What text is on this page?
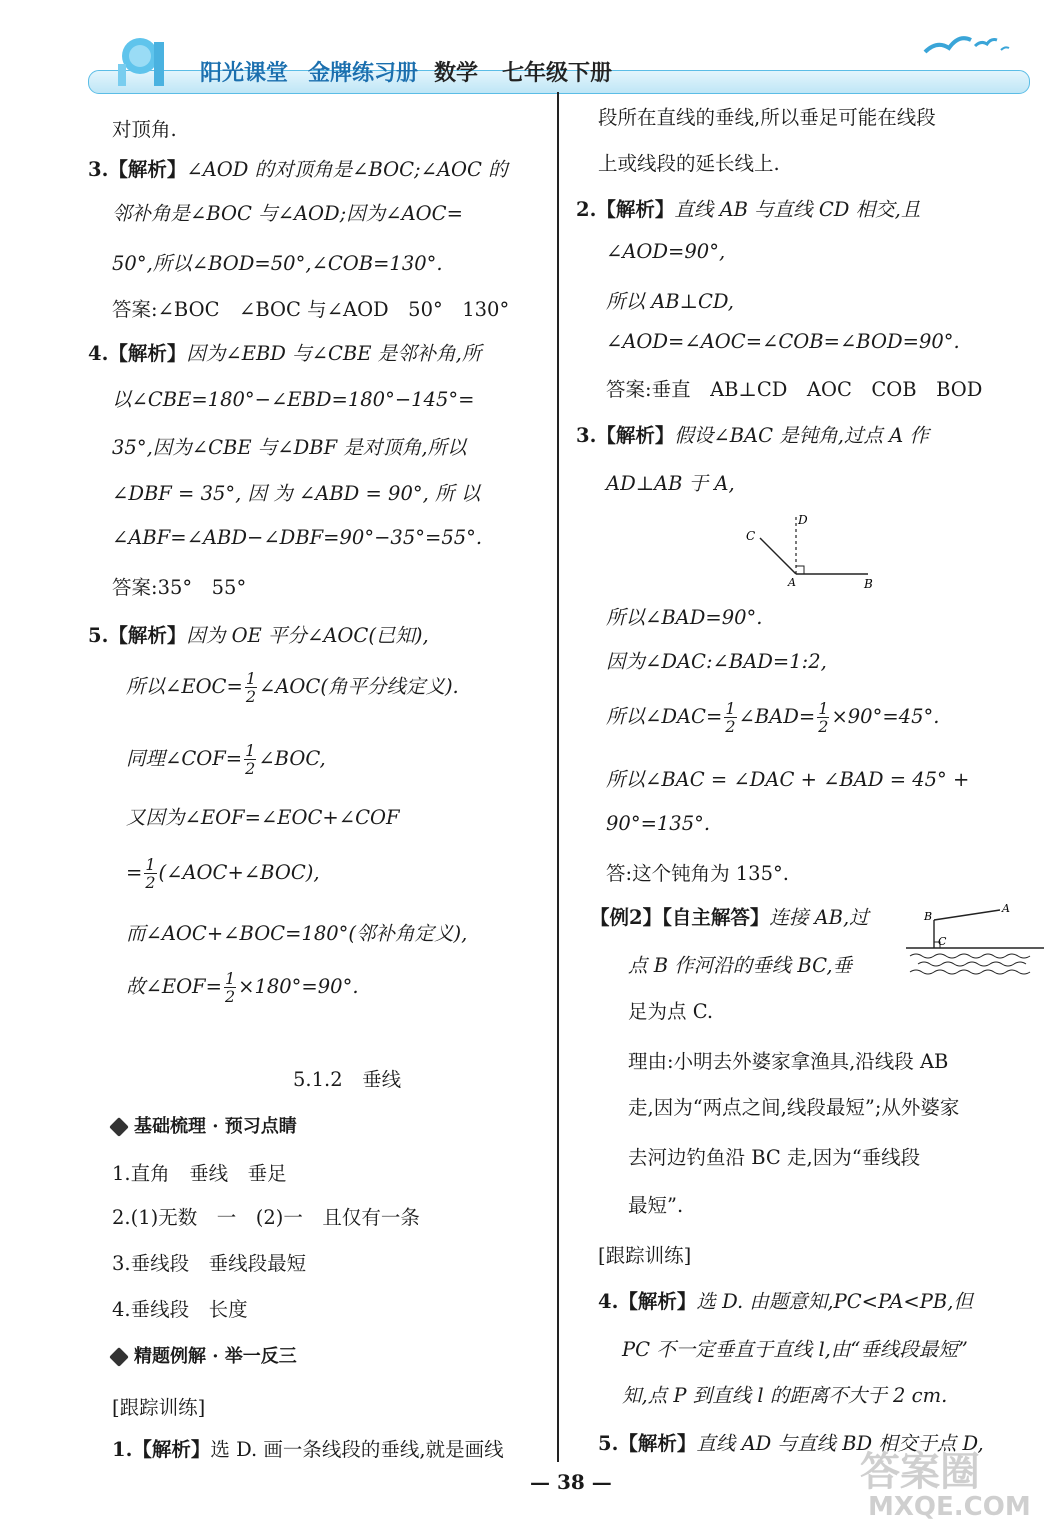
阳光课堂 金牌练习册 数学 七年级下册
对顶角.
3.【解析】∠AOD 的对顶角是∠BOC;∠AOC 的
邻补角是∠BOC 与∠AOD;因为∠AOC=
50°,所以∠BOD=50°,∠COB=130°.
答案:∠BOC　∠BOC 与∠AOD　50°　130°
4.【解析】因为∠EBD 与∠CBE 是邻补角,所
以∠CBE=180°−∠EBD=180°−145°=
35°,因为∠CBE 与∠DBF 是对顶角,所以
∠DBF = 35°, 因 为 ∠ABD = 90°, 所 以
∠ABF=∠ABD−∠DBF=90°−35°=55°.
答案:35°　55°
5.【解析】因为 OE 平分∠AOC(已知),
所以∠EOC= $\frac{1}{2}$ ∠AOC(角平分线定义).
同理∠COF= $\frac{1}{2}$ ∠BOC,
又因为∠EOF=∠EOC+∠COF
= $\frac{1}{2}$ (∠AOC+∠BOC),
而∠AOC+∠BOC=180°(邻补角定义),
故∠EOF= $\frac{1}{2} \times 180^\circ=90^\circ$.
5.1.2　垂线
基础梳理 · 预习点睛
1.直角　垂线　垂足
2.(1)无数　一　(2)一　且仅有一条
3.垂线段　垂线段最短
4.垂线段　长度
精题例解 · 举一反三
[跟踪训练]
1.【解析】选 D. 画一条线段的垂线,就是画线
段所在直线的垂线,所以垂足可能在线段
上或线段的延长线上.
2.【解析】直线 AB 与直线 CD 相交,且
∠AOD=90°,
所以 AB⊥CD,
∠AOD=∠AOC=∠COB=∠BOD=90°.
答案:垂直　AB⊥CD　AOC　COB　BOD
3.【解析】假设∠BAC 是钝角,过点 A 作
AD⊥AB 于 A,
D
C
A	B
所以∠BAD=90°.
因为∠DAC:∠BAD=1:2,
所以∠DAC= $\frac{1}{2}$ ∠BAD= $\frac{1}{2} \times 90^\circ=45^\circ$.
所以∠BAC = ∠DAC + ∠BAD = 45° +
90°=135°.
答:这个钝角为 135°.
【例2】【自主解答】连接 AB,过	A
B
C
点 B 作河沿的垂线 BC,垂
足为点 C.
理由:小明去外婆家拿渔具,沿线段 AB
走,因为“两点之间,线段最短”;从外婆家
去河边钓鱼沿 BC 走,因为“垂线段
最短”.
[跟踪训练]
4.【解析】选 D. 由题意知,PC<PA<PB,但
PC 不一定垂直于直线 l,由“垂线段最短”
知,点 P 到直线 l 的距离不大于 2 cm.
5.【解析】直线 AD 与直线 BD 相交于点 D,
— 38 —	答案圈
MXQE.COM
